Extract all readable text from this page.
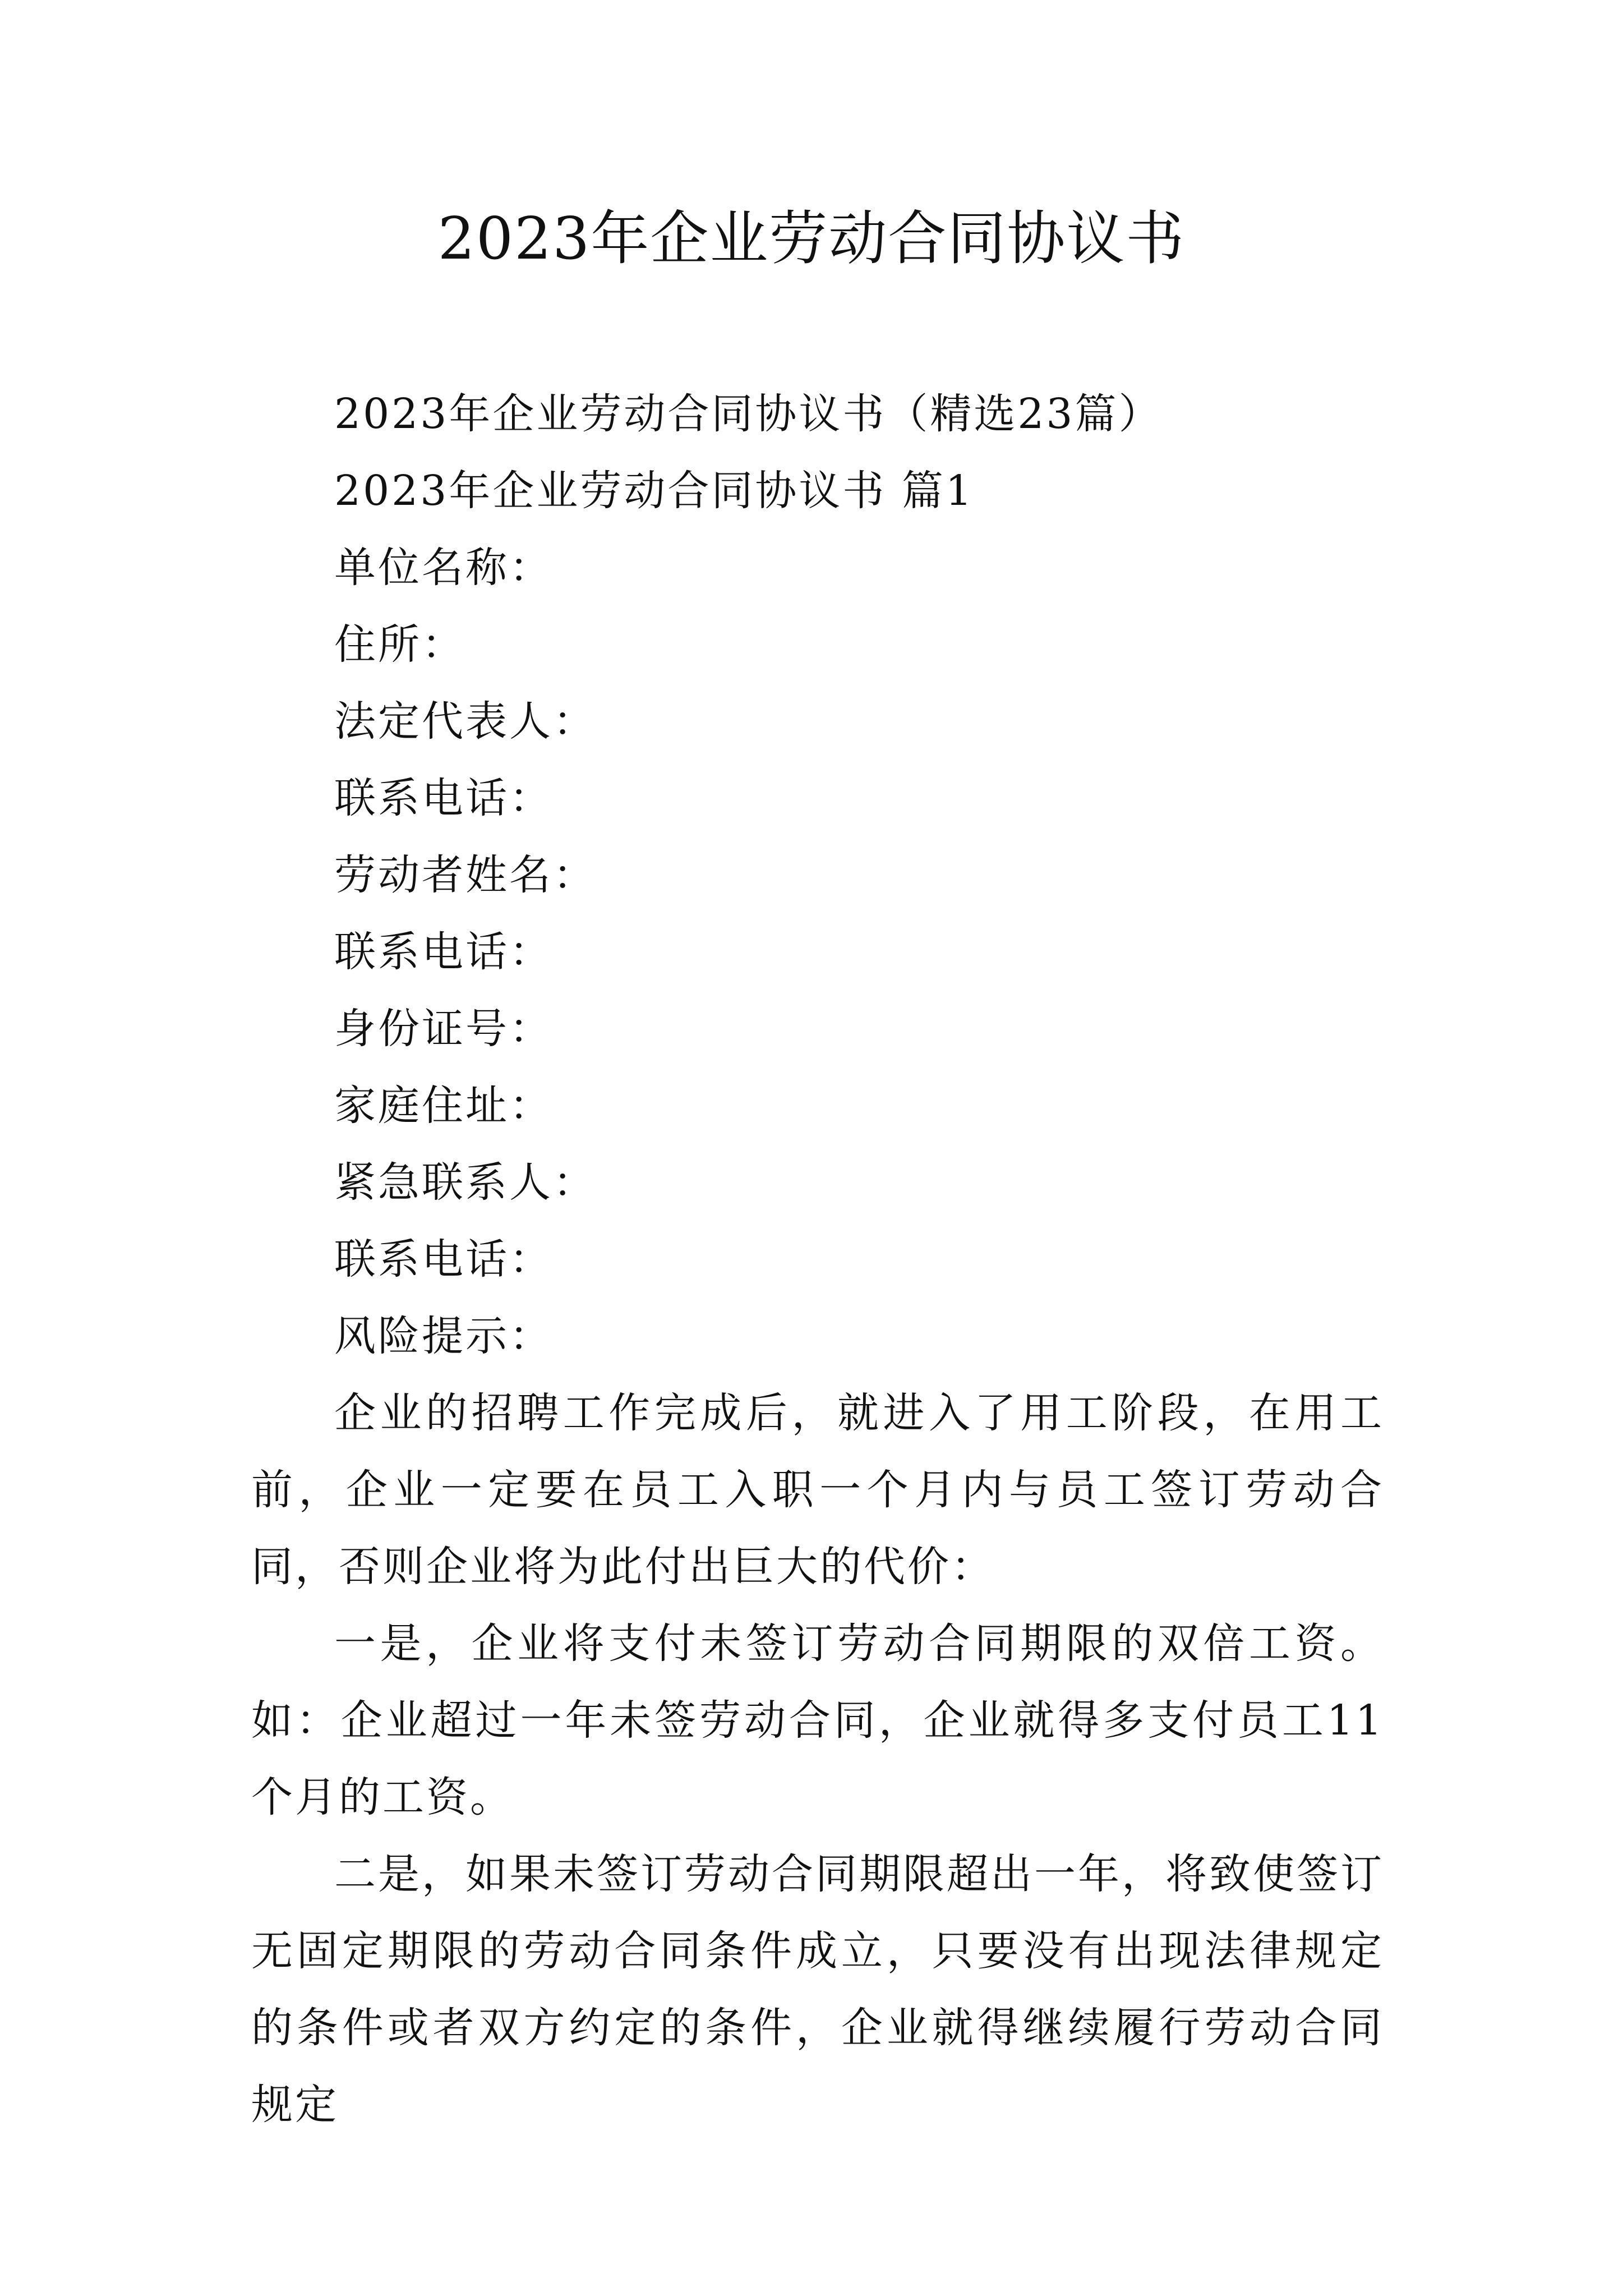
2023年企业劳动合同协议书

2023年企业劳动合同协议书（精选23篇）

2023年企业劳动合同协议书 篇1

单位名称：

住所：

法定代表人：

联系电话：

劳动者姓名：

联系电话：

身份证号：

家庭住址：

紧急联系人：

联系电话：

风险提示：

企业的招聘工作完成后，就进入了用工阶段，在用工前，企业一定要在员工入职一个月内与员工签订劳动合同，否则企业将为此付出巨大的代价：

一是，企业将支付未签订劳动合同期限的双倍工资。如：企业超过一年未签劳动合同，企业就得多支付员工11个月的工资。

二是，如果未签订劳动合同期限超出一年，将致使签订无固定期限的劳动合同条件成立，只要没有出现法律规定的条件或者双方约定的条件，企业就得继续履行劳动合同规定
